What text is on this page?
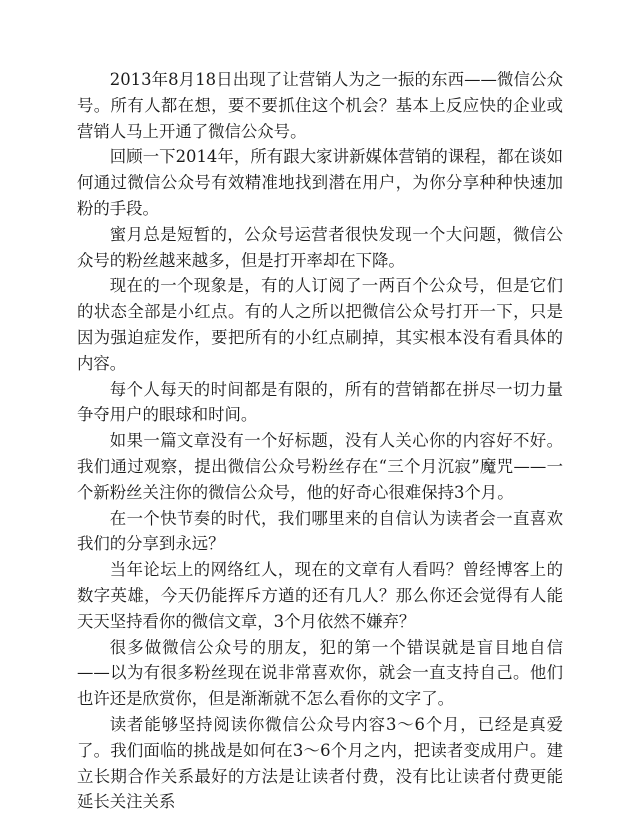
2013年8月18日出现了让营销人为之一振的东西——微信公众号。所有人都在想，要不要抓住这个机会？基本上反应快的企业或营销人马上开通了微信公众号。

回顾一下2014年，所有跟大家讲新媒体营销的课程，都在谈如何通过微信公众号有效精准地找到潜在用户，为你分享种种快速加粉的手段。

蜜月总是短暂的，公众号运营者很快发现一个大问题，微信公众号的粉丝越来越多，但是打开率却在下降。

现在的一个现象是，有的人订阅了一两百个公众号，但是它们的状态全部是小红点。有的人之所以把微信公众号打开一下，只是因为强迫症发作，要把所有的小红点刷掉，其实根本没有看具体的内容。

每个人每天的时间都是有限的，所有的营销都在拼尽一切力量争夺用户的眼球和时间。

如果一篇文章没有一个好标题，没有人关心你的内容好不好。我们通过观察，提出微信公众号粉丝存在“三个月沉寂”魔咒——一个新粉丝关注你的微信公众号，他的好奇心很难保持3个月。

在一个快节奏的时代，我们哪里来的自信认为读者会一直喜欢我们的分享到永远？

当年论坛上的网络红人，现在的文章有人看吗？曾经博客上的数字英雄，今天仍能挥斥方遒的还有几人？那么你还会觉得有人能天天坚持看你的微信文章，3个月依然不嫌弃？

很多做微信公众号的朋友，犯的第一个错误就是盲目地自信——以为有很多粉丝现在说非常喜欢你，就会一直支持自己。他们也许还是欣赏你，但是渐渐就不怎么看你的文字了。

读者能够坚持阅读你微信公众号内容3～6个月，已经是真爱了。我们面临的挑战是如何在3～6个月之内，把读者变成用户。建立长期合作关系最好的方法是让读者付费，没有比让读者付费更能延长关注关系
